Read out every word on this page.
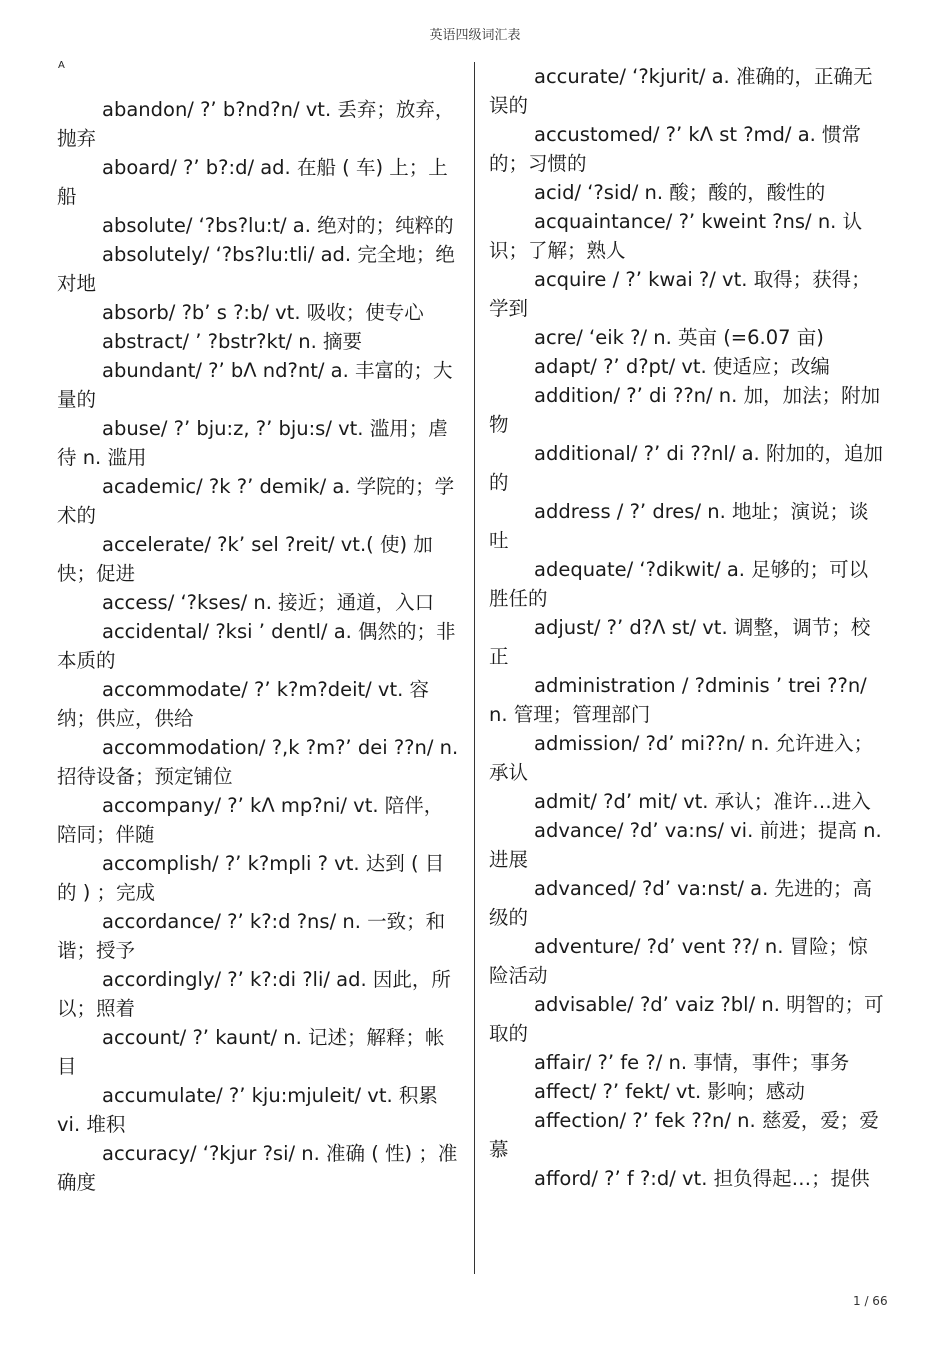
英语四级词汇表
A

abandon/ ?’ b?nd?n/ vt. 丢弃；放弃，抛弃

aboard/ ?’ b?:d/ ad. 在船 ( 车) 上；上船

absolute/ ‘?bs?lu:t/ a. 绝对的；纯粹的

absolutely/ ‘?bs?lu:tli/ ad. 完全地；绝对地

absorb/ ?b’ s ?:b/ vt. 吸收；使专心

abstract/ ’ ?bstr?kt/ n. 摘要

abundant/ ?’ bΛ nd?nt/ a. 丰富的；大量的

abuse/ ?’ bju:z, ?’ bju:s/ vt. 滥用；虐待 n. 滥用

academic/ ?k ?’ demik/ a. 学院的；学术的

accelerate/ ?k’ sel ?reit/ vt.( 使) 加快；促进

access/ ‘?kses/ n. 接近；通道，入口

accidental/ ?ksi ’ dentl/ a. 偶然的；非本质的

accommodate/ ?’ k?m?deit/ vt. 容纳；供应，供给

accommodation/ ?,k ?m?’ dei ??n/ n. 招待设备；预定铺位

accompany/ ?’ kΛ mp?ni/ vt. 陪伴，陪同；伴随

accomplish/ ?’ k?mpli ? vt. 达到 ( 目的 ) ；完成

accordance/ ?’ k?:d ?ns/ n. 一致；和谐；授予

accordingly/ ?’ k?:di ?li/ ad. 因此，所以；照着

account/ ?’ kaunt/ n. 记述；解释；帐目

accumulate/ ?’ kju:mjuleit/ vt. 积累 vi. 堆积

accuracy/ ‘?kjur ?si/ n. 准确 ( 性) ；准确度

accurate/ ‘?kjurit/ a. 准确的，正确无误的

accustomed/ ?’ kΛ st ?md/ a. 惯常的；习惯的

acid/ ‘?sid/ n. 酸；酸的，酸性的

acquaintance/ ?’ kweint ?ns/ n. 认识；了解；熟人

acquire / ?’ kwai ?/ vt. 取得；获得；学到

acre/ ‘eik ?/ n. 英亩 (=6.07 亩)

adapt/ ?’ d?pt/ vt. 使适应；改编

addition/ ?’ di ??n/ n. 加，加法；附加物

additional/ ?’ di ??nl/ a. 附加的，追加的

address / ?’ dres/ n. 地址；演说；谈吐

adequate/ ‘?dikwit/ a. 足够的；可以胜任的

adjust/ ?’ d?Λ st/ vt. 调整，调节；校正

administration / ?dminis ’ trei ??n/ n. 管理；管理部门

admission/ ?d’ mi??n/ n. 允许进入；承认

admit/ ?d’ mit/ vt. 承认；准许…进入

advance/ ?d’ va:ns/ vi. 前进；提高 n. 进展

advanced/ ?d’ va:nst/ a. 先进的；高级的

adventure/ ?d’ vent ??/ n. 冒险；惊险活动

advisable/ ?d’ vaiz ?bl/ n. 明智的；可取的

affair/ ?’ fe ?/ n. 事情，事件；事务

affect/ ?’ fekt/ vt. 影响；感动

affection/ ?’ fek ??n/ n. 慈爱，爱；爱慕

afford/ ?’ f ?:d/ vt. 担负得起…；提供

1 / 66
